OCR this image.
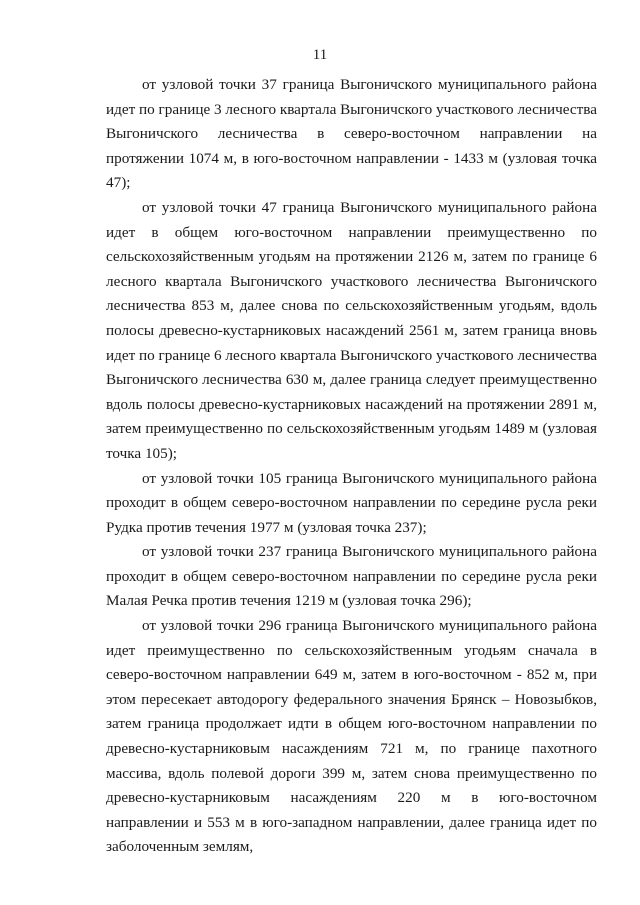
11

от узловой точки 37 граница Выгоничского муниципального района идет по границе 3 лесного квартала Выгоничского участкового лесничества Выгоничского лесничества в северо-восточном направлении на протяжении 1074 м, в юго-восточном направлении - 1433 м (узловая точка 47);

от узловой точки 47 граница Выгоничского муниципального района идет в общем юго-восточном направлении преимущественно по сельскохозяйственным угодьям на протяжении 2126 м, затем по границе 6 лесного квартала Выгоничского участкового лесничества Выгоничского лесничества 853 м, далее снова по сельскохозяйственным угодьям, вдоль полосы древесно-кустарниковых насаждений 2561 м, затем граница вновь идет по границе 6 лесного квартала Выгоничского участкового лесничества Выгоничского лесничества 630 м, далее граница следует преимущественно вдоль полосы древесно-кустарниковых насаждений на протяжении 2891 м, затем преимущественно по сельскохозяйственным угодьям 1489 м (узловая точка 105);

от узловой точки 105 граница Выгоничского муниципального района проходит в общем северо-восточном направлении по середине русла реки Рудка против течения 1977 м (узловая точка 237);

от узловой точки 237 граница Выгоничского муниципального района проходит в общем северо-восточном направлении по середине русла реки Малая Речка против течения 1219 м (узловая точка 296);

от узловой точки 296 граница Выгоничского муниципального района идет преимущественно по сельскохозяйственным угодьям сначала в северо-восточном направлении 649 м, затем в юго-восточном - 852 м, при этом пересекает автодорогу федерального значения Брянск – Новозыбков, затем граница продолжает идти в общем юго-восточном направлении по древесно-кустарниковым насаждениям 721 м, по границе пахотного массива, вдоль полевой дороги 399 м, затем снова преимущественно по древесно-кустарниковым насаждениям 220 м в юго-восточном направлении и 553 м в юго-западном направлении, далее граница идет по заболоченным землям,
